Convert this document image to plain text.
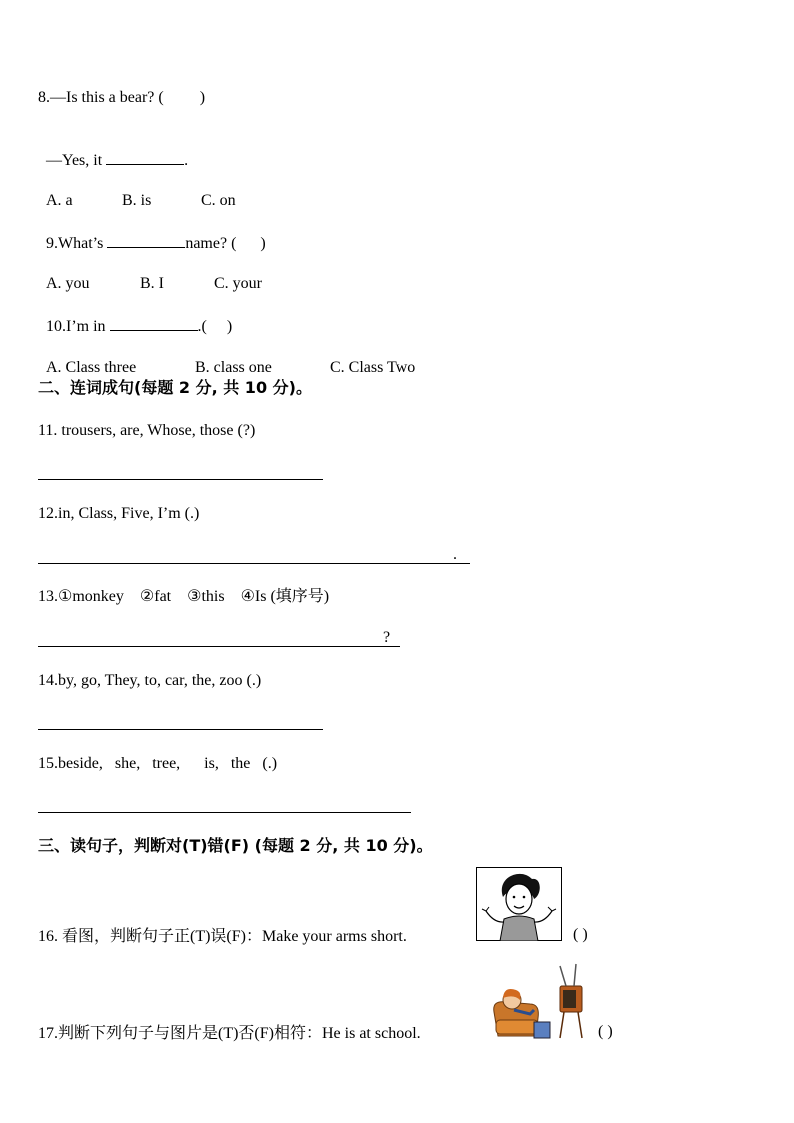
8.—Is this a bear? (         )

—Yes, it	.

A. a	B. is	C. on

9.What’s	name? (      )

A. you	B. I	C. your

10.I’m in	.(     )

A. Class three	B. class one	C. Class Two

二、连词成句(每题 2 分, 共 10 分)。
11. trousers, are, Whose, those (?)
12.in, Class, Five, I’m (.)
.
13.①monkey    ②fat    ③this    ④Is (填序号)
?
14.by, go, They, to, car, the, zoo (.)
15.beside,   she,   tree,      is,   the   (.)
三、读句子，判断对(T)错(F) (每题 2 分, 共 10 分)。
16. 看图，判断句子正(T)误(F)：Make your arms short.	( )
17.判断下列句子与图片是(T)否(F)相符：He is at school.	( )
